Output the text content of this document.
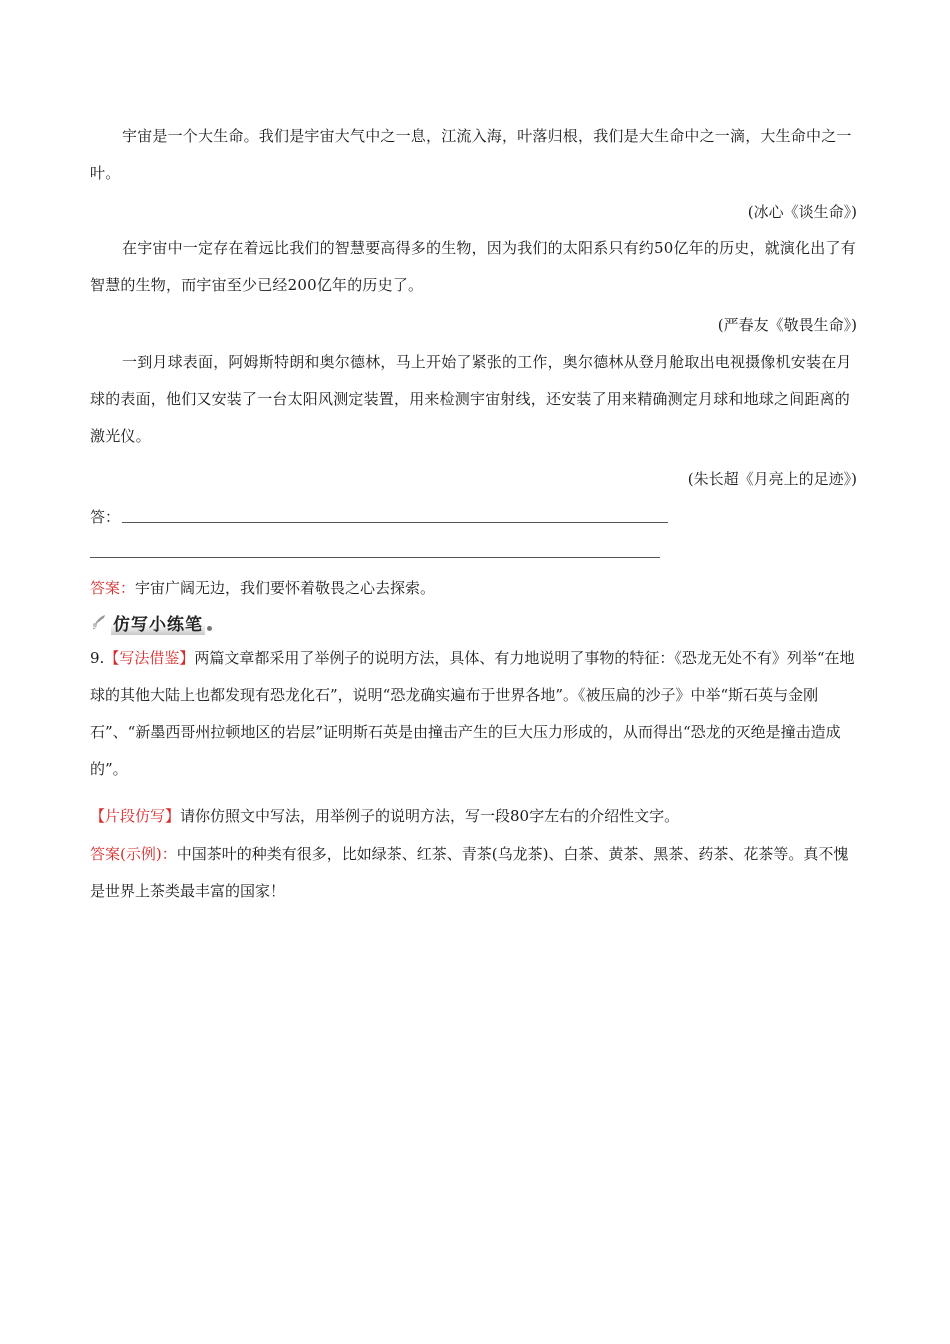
宇宙是一个大生命。我们是宇宙大气中之一息，江流入海，叶落归根，我们是大生命中之一滴，大生命中之一叶。
(冰心《谈生命》)
在宇宙中一定存在着远比我们的智慧要高得多的生物，因为我们的太阳系只有约50亿年的历史，就演化出了有智慧的生物，而宇宙至少已经200亿年的历史了。
(严春友《敬畏生命》)
一到月球表面，阿姆斯特朗和奥尔德林，马上开始了紧张的工作，奥尔德林从登月舱取出电视摄像机安装在月球的表面，他们又安装了一台太阳风测定装置，用来检测宇宙射线，还安装了用来精确测定月球和地球之间距离的激光仪。
(朱长超《月亮上的足迹》)
答：
答案：宇宙广阔无边，我们要怀着敬畏之心去探索。
仿写小练笔
9.【写法借鉴】两篇文章都采用了举例子的说明方法，具体、有力地说明了事物的特征：《恐龙无处不有》列举“在地球的其他大陆上也都发现有恐龙化石”，说明“恐龙确实遍布于世界各地”。《被压扁的沙子》中举“斯石英与金刚石”、“新墨西哥州拉顿地区的岩层”证明斯石英是由撞击产生的巨大压力形成的，从而得出“恐龙的灭绝是撞击造成的”。
【片段仿写】请你仿照文中写法，用举例子的说明方法，写一段80字左右的介绍性文字。
答案(示例)：中国茶叶的种类有很多，比如绿茶、红茶、青茶(乌龙茶)、白茶、黄茶、黑茶、药茶、花茶等。真不愧是世界上茶类最丰富的国家！
